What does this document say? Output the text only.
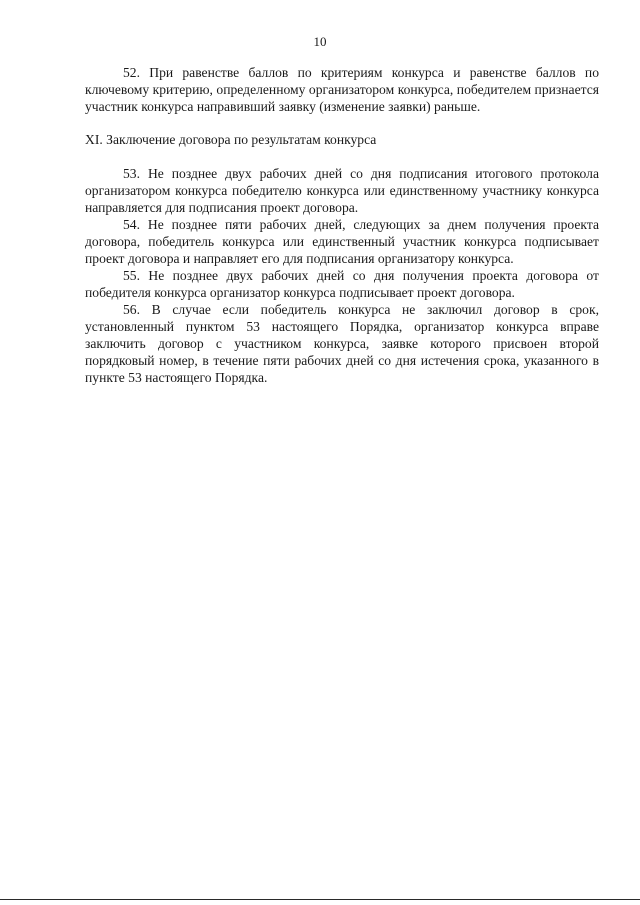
10

52. При равенстве баллов по критериям конкурса и равенстве баллов по ключевому критерию, определенному организатором конкурса, победителем признается участник конкурса направивший заявку (изменение заявки) раньше.

XI. Заключение договора по результатам конкурса

53. Не позднее двух рабочих дней со дня подписания итогового протокола организатором конкурса победителю конкурса или единственному участнику конкурса направляется для подписания проект договора.

54. Не позднее пяти рабочих дней, следующих за днем получения проекта договора, победитель конкурса или единственный участник конкурса подписывает проект договора и направляет его для подписания организатору конкурса.

55. Не позднее двух рабочих дней со дня получения проекта договора от победителя конкурса организатор конкурса подписывает проект договора.

56. В случае если победитель конкурса не заключил договор в срок, установленный пунктом 53 настоящего Порядка, организатор конкурса вправе заключить договор с участником конкурса, заявке которого присвоен второй порядковый номер, в течение пяти рабочих дней со дня истечения срока, указанного в пункте 53 настоящего Порядка.
